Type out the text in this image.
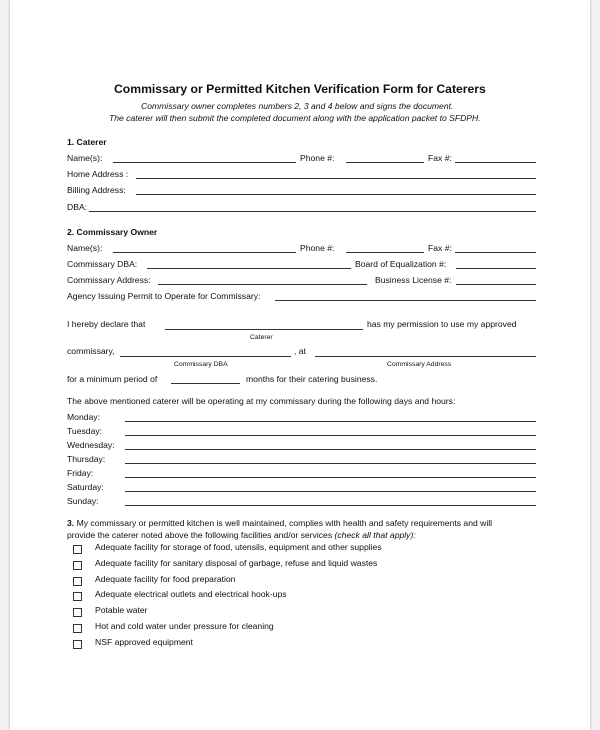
Commissary or Permitted Kitchen Verification Form for Caterers
Commissary owner completes numbers 2, 3 and 4 below and signs the document.
The caterer will then submit the completed document along with the application packet to SFDPH.
1. Caterer
Name(s):	Phone #:	Fax #:
Home Address :
Billing Address:
DBA:
2. Commissary Owner
Name(s):	Phone #:	Fax #:
Commissary DBA:	Board of Equalization #:
Commissary Address:	Business License #:
Agency Issuing Permit to Operate for Commissary:
I hereby declare that
Caterer
has my permission to use my approved
commissary,
Commissary DBA
, at
Commissary Address
for a minimum period of	months for their catering business.
The above mentioned caterer will be operating at my commissary during the following days and hours:
Monday:
Tuesday:
Wednesday:
Thursday:
Friday:
Saturday:
Sunday:
3. My commissary or permitted kitchen is well maintained, complies with health and safety requirements and will
provide the caterer noted above the following facilities and/or services (check all that apply):
Adequate facility for storage of food, utensils, equipment and other supplies
Adequate facility for sanitary disposal of garbage, refuse and liquid wastes
Adequate facility for food preparation
Adequate electrical outlets and electrical hook-ups
Potable water
Hot and cold water under pressure for cleaning
NSF approved equipment
